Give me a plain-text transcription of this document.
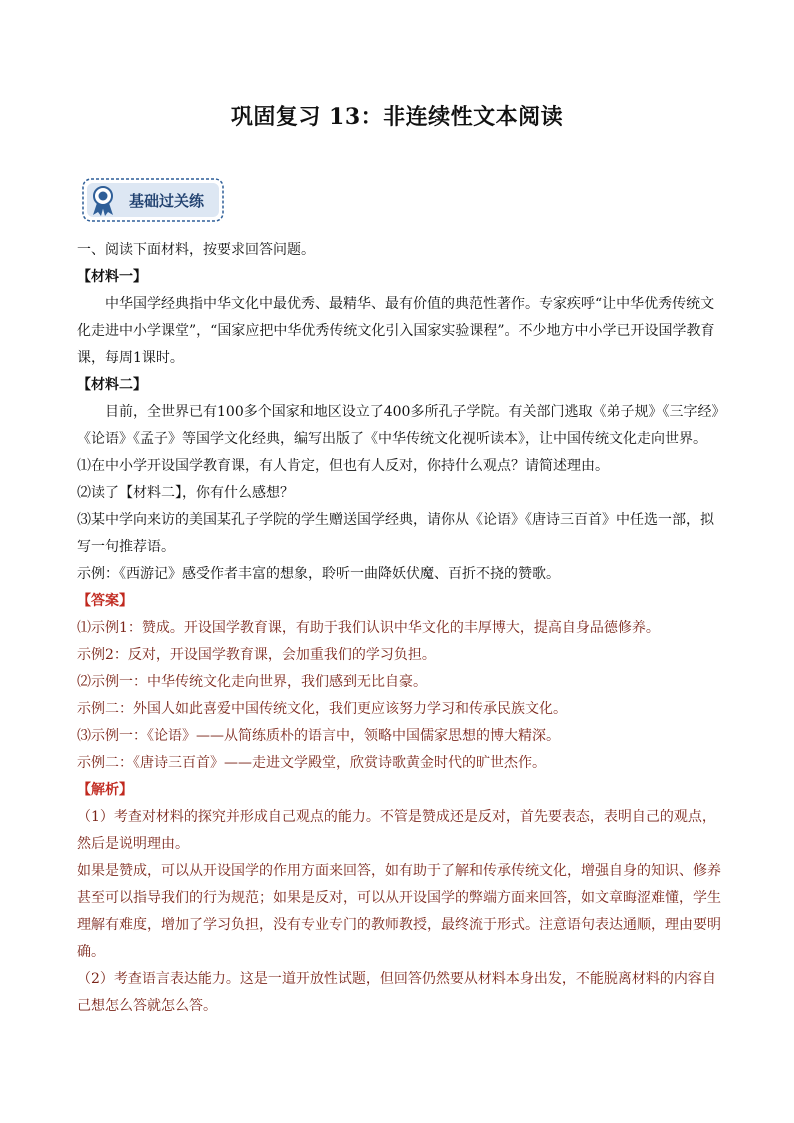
巩固复习 13：非连续性文本阅读
基础过关练

一、阅读下面材料，按要求回答问题。

【材料一】

中华国学经典指中华文化中最优秀、最精华、最有价值的典范性著作。专家疾呼“让中华优秀传统文化走进中小学课堂”，“国家应把中华优秀传统文化引入国家实验课程”。不少地方中小学已开设国学教育课，每周1课时。

【材料二】

目前，全世界已有100多个国家和地区设立了400多所孔子学院。有关部门逃取《弟子规》《三字经》《论语》《孟子》等国学文化经典，编写出版了《中华传统文化视听读本》，让中国传统文化走向世界。

⑴在中小学开设国学教育课，有人肯定，但也有人反对，你持什么观点？请简述理由。

⑵读了【材料二】，你有什么感想？

⑶某中学向来访的美国某孔子学院的学生赠送国学经典，请你从《论语》《唐诗三百首》中任选一部，拟写一句推荐语。

示例：《西游记》感受作者丰富的想象，聆听一曲降妖伏魔、百折不挠的赞歌。

【答案】

⑴示例1：赞成。开设国学教育课，有助于我们认识中华文化的丰厚博大，提高自身品德修养。

示例2：反对，开设国学教育课，会加重我们的学习负担。

⑵示例一：中华传统文化走向世界，我们感到无比自豪。

示例二：外国人如此喜爱中国传统文化，我们更应该努力学习和传承民族文化。

⑶示例一：《论语》——从简练质朴的语言中，领略中国儒家思想的博大精深。

示例二：《唐诗三百首》——走进文学殿堂，欣赏诗歌黄金时代的旷世杰作。

【解析】

（1）考查对材料的探究并形成自己观点的能力。不管是赞成还是反对，首先要表态，表明自己的观点，然后是说明理由。

如果是赞成，可以从开设国学的作用方面来回答，如有助于了解和传承传统文化，增强自身的知识、修养甚至可以指导我们的行为规范；如果是反对，可以从开设国学的弊端方面来回答，如文章晦涩难懂，学生理解有难度，增加了学习负担，没有专业专门的教师教授，最终流于形式。注意语句表达通顺，理由要明确。

（2）考查语言表达能力。这是一道开放性试题，但回答仍然要从材料本身出发，不能脱离材料的内容自己想怎么答就怎么答。
